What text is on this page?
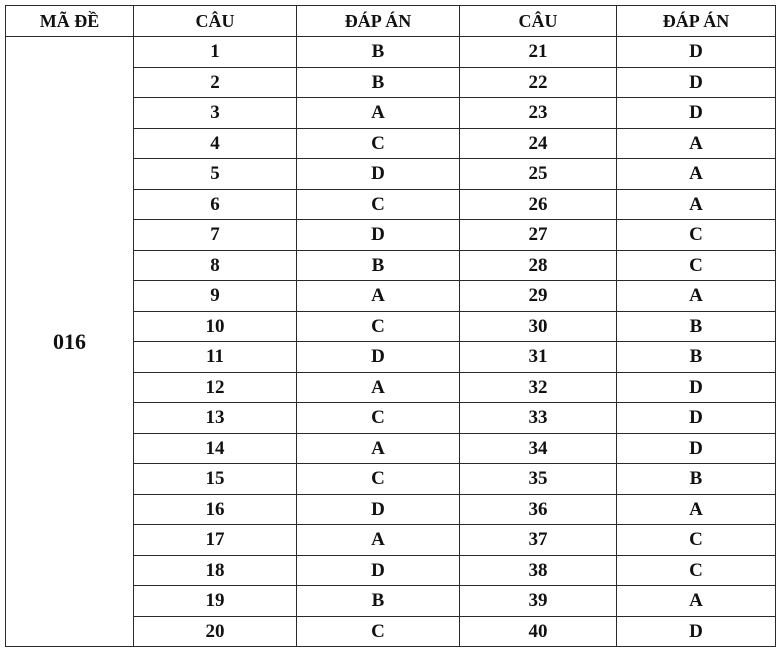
MÃ ĐỀ	CÂU	ĐÁP ÁN	CÂU	ĐÁP ÁN
016	1	B	21	D
	2	B	22	D
	3	A	23	D
	4	C	24	A
	5	D	25	A
	6	C	26	A
	7	D	27	C
	8	B	28	C
	9	A	29	A
	10	C	30	B
	11	D	31	B
	12	A	32	D
	13	C	33	D
	14	A	34	D
	15	C	35	B
	16	D	36	A
	17	A	37	C
	18	D	38	C
	19	B	39	A
	20	C	40	D
